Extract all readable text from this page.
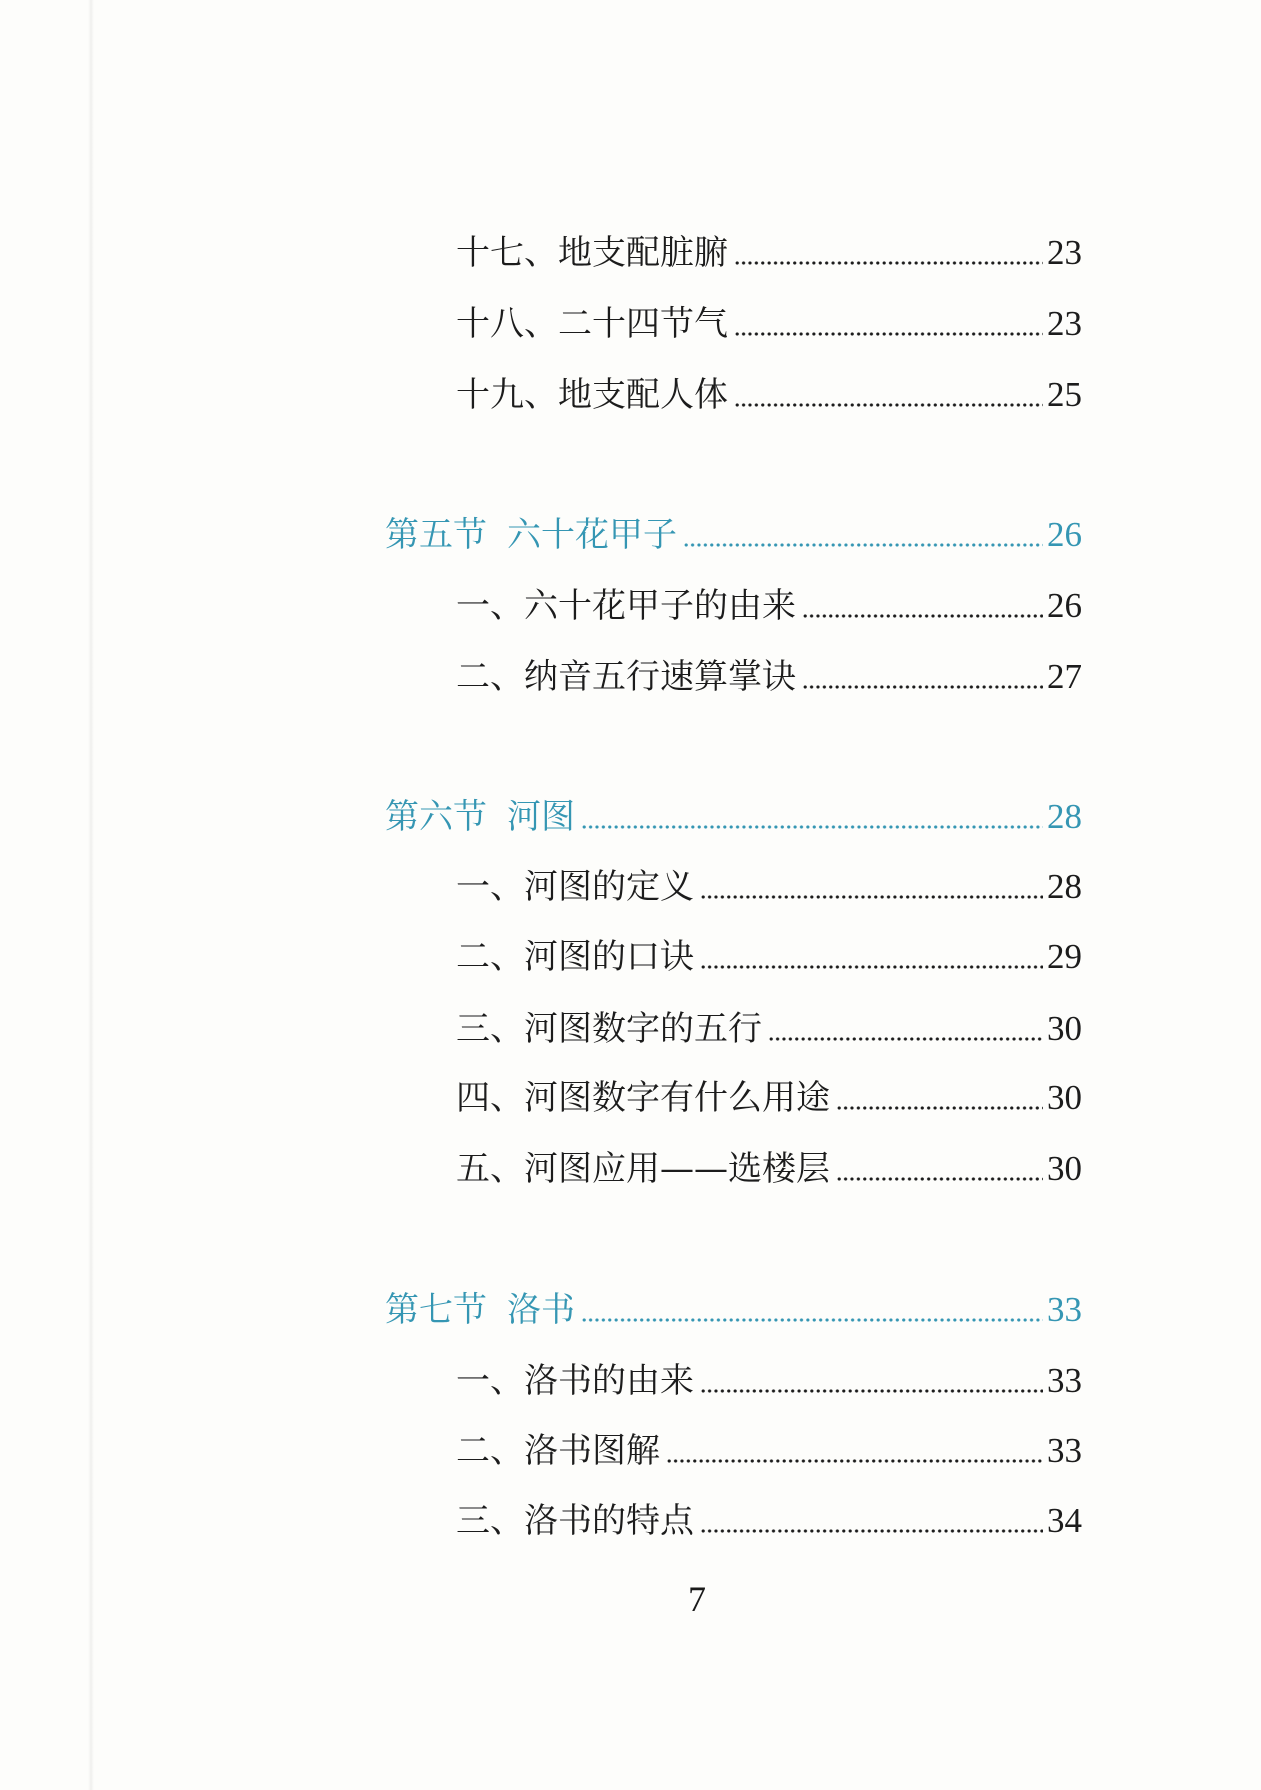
十七、地支配脏腑	23
十八、二十四节气	23
十九、地支配人体	25
第五节 六十花甲子	26
一、六十花甲子的由来	26
二、纳音五行速算掌诀	27
第六节 河图	28
一、河图的定义	28
二、河图的口诀	29
三、河图数字的五行	30
四、河图数字有什么用途	30
五、河图应用——选楼层	30
第七节 洛书	33
一、洛书的由来	33
二、洛书图解	33
三、洛书的特点	34
7
